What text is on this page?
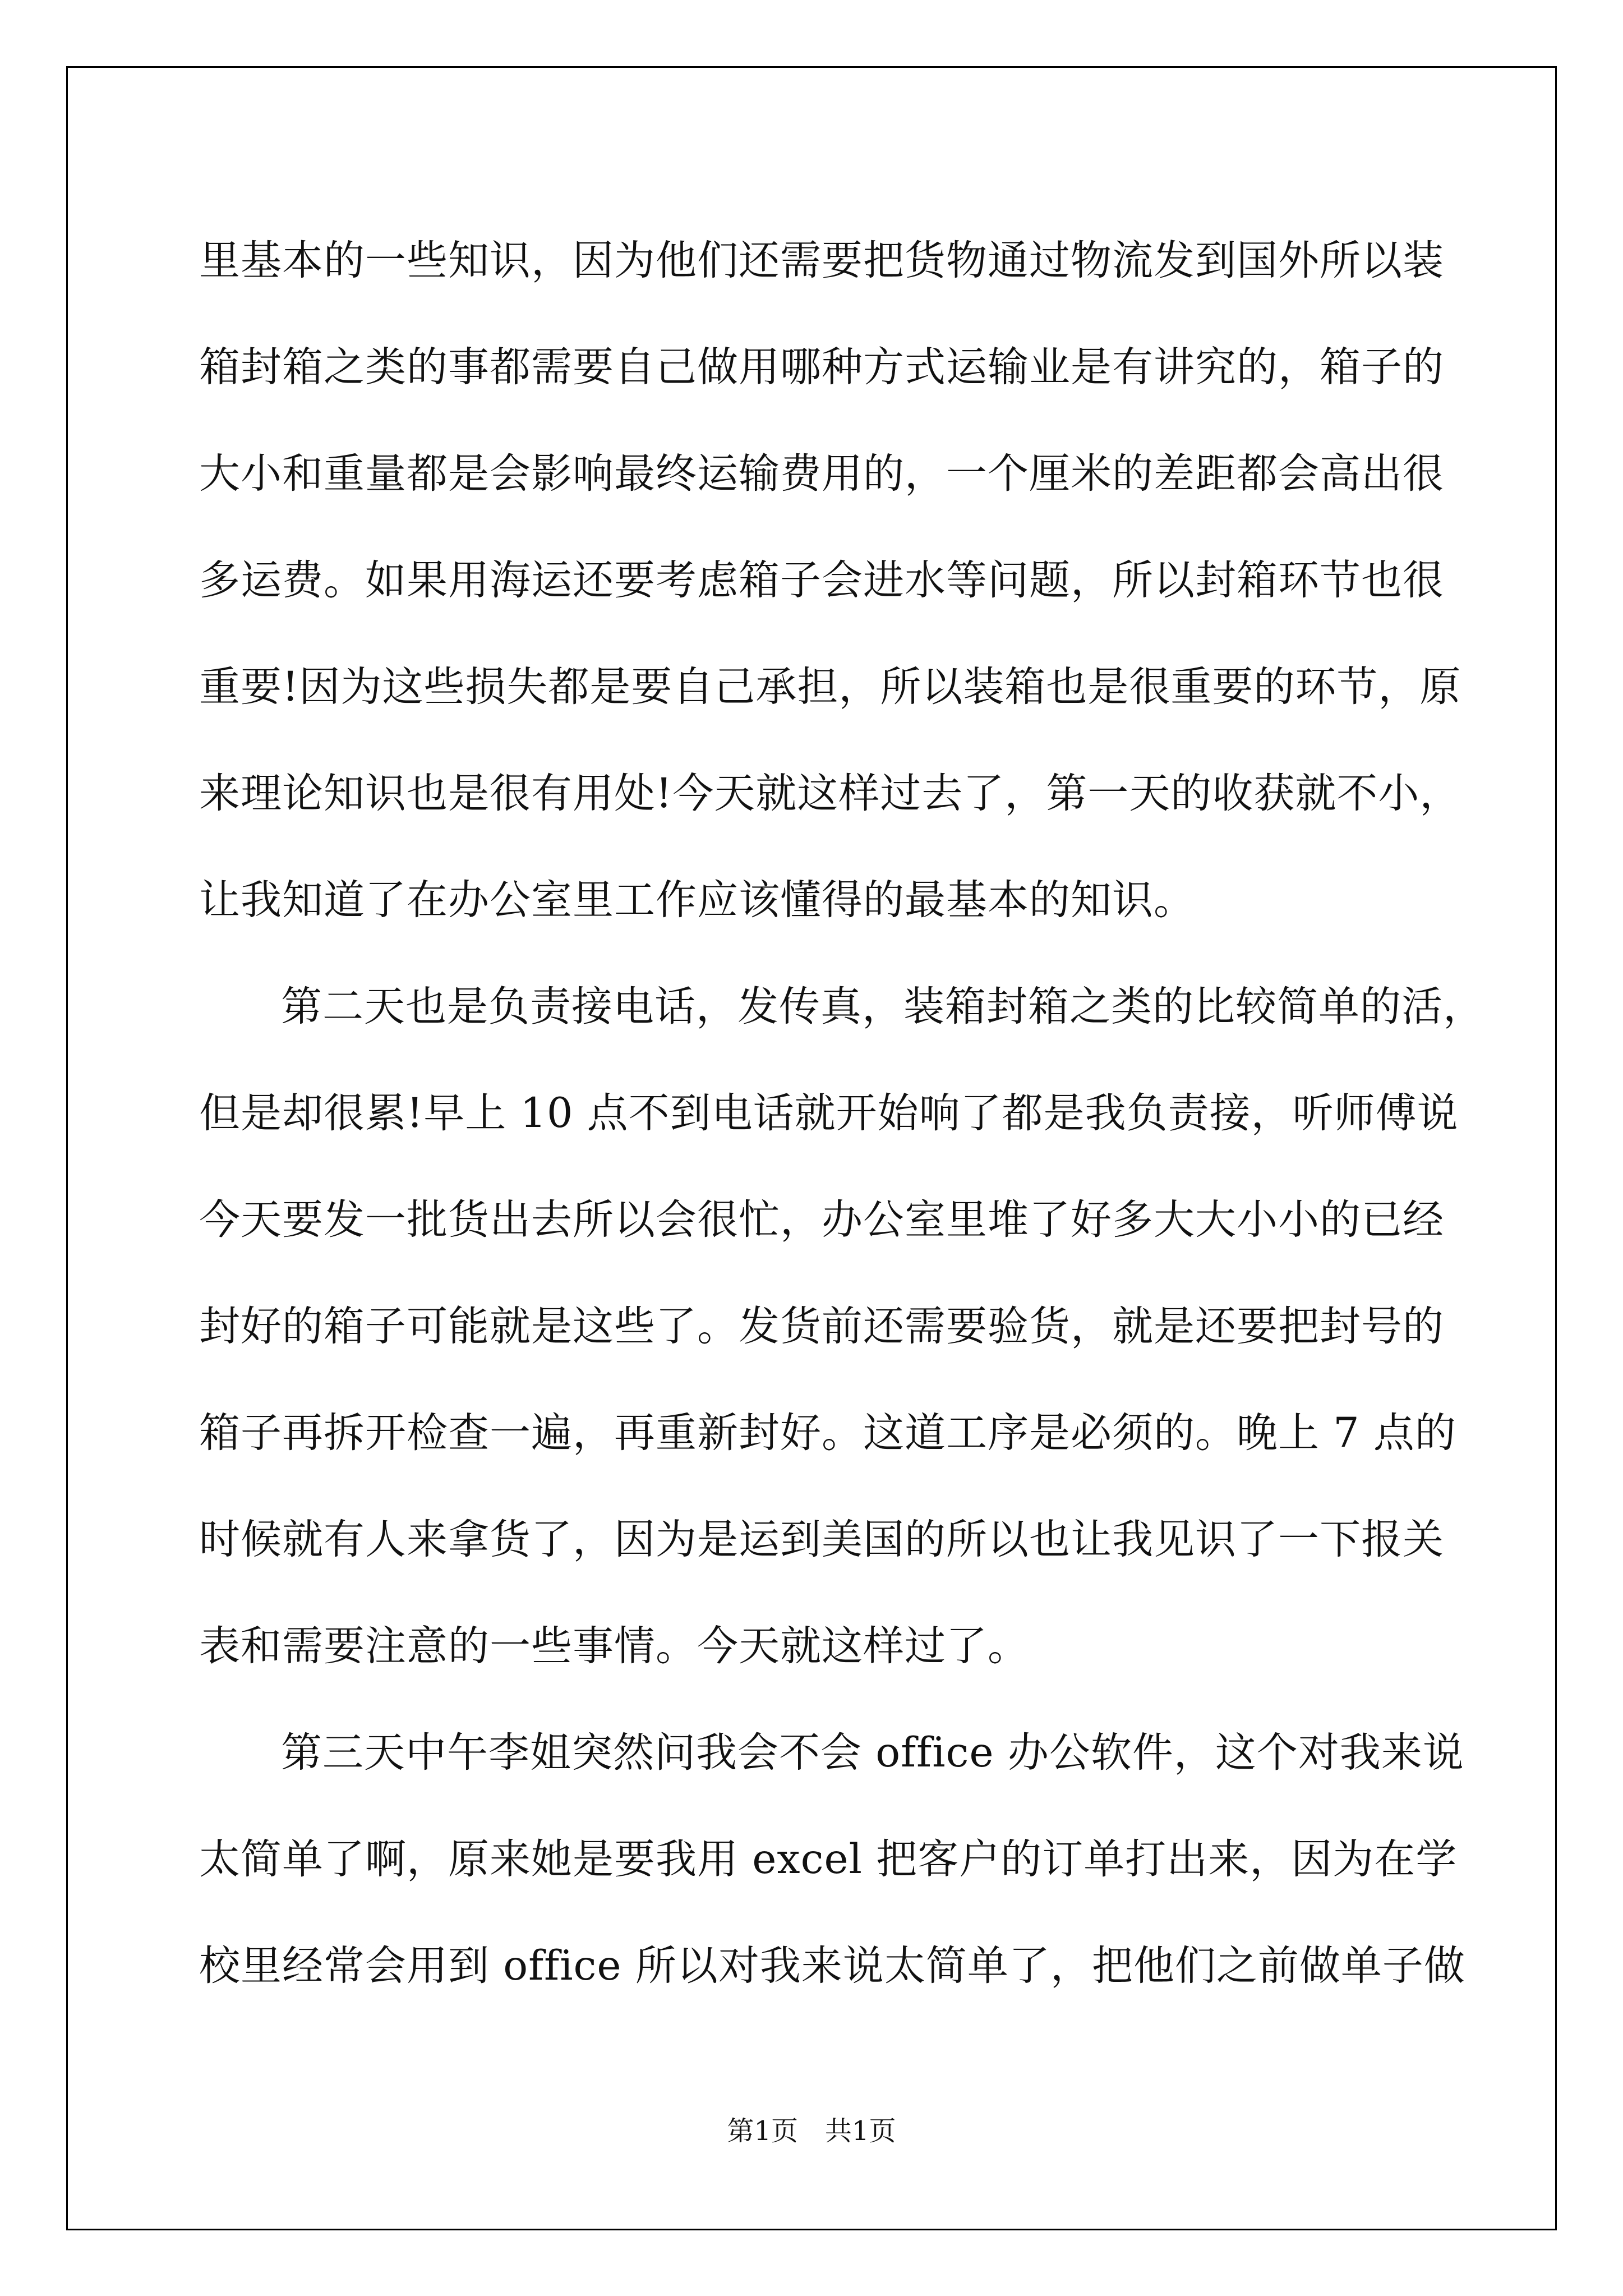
里基本的一些知识，因为他们还需要把货物通过物流发到国外所以装
箱封箱之类的事都需要自己做用哪种方式运输业是有讲究的，箱子的
大小和重量都是会影响最终运输费用的，一个厘米的差距都会高出很
多运费。如果用海运还要考虑箱子会进水等问题，所以封箱环节也很
重要!因为这些损失都是要自己承担，所以装箱也是很重要的环节，原
来理论知识也是很有用处!今天就这样过去了，第一天的收获就不小，
让我知道了在办公室里工作应该懂得的最基本的知识。

第二天也是负责接电话，发传真，装箱封箱之类的比较简单的活，
但是却很累!早上 10 点不到电话就开始响了都是我负责接，听师傅说
今天要发一批货出去所以会很忙，办公室里堆了好多大大小小的已经
封好的箱子可能就是这些了。发货前还需要验货，就是还要把封号的
箱子再拆开检查一遍，再重新封好。这道工序是必须的。晚上 7 点的
时候就有人来拿货了，因为是运到美国的所以也让我见识了一下报关
表和需要注意的一些事情。今天就这样过了。

第三天中午李姐突然问我会不会 office 办公软件，这个对我来说
太简单了啊，原来她是要我用 excel 把客户的订单打出来，因为在学
校里经常会用到 office 所以对我来说太简单了，把他们之前做单子做

第1页　共1页
